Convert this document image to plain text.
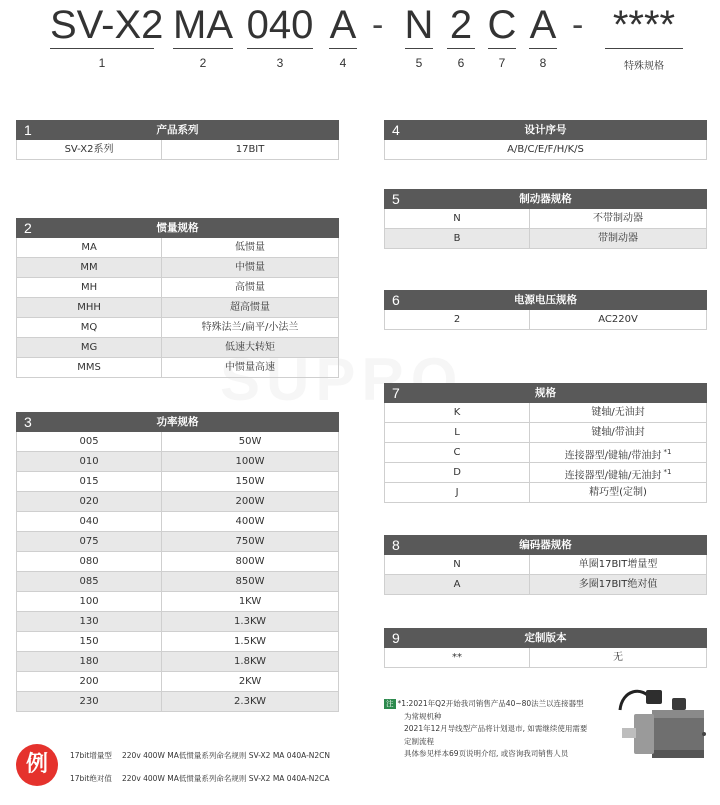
SV-X2
1
MA
2
040
3
A
4
- N
5
2
6
C
7
A
8
- ****
特殊规格
1	产品系列
SV-X2系列	17BIT
2	惯量规格
MA	低惯量
MM	中惯量
MH	高惯量
MHH	超高惯量
MQ	特殊法兰/扁平/小法兰
MG	低速大转矩
MMS	中惯量高速
3	功率规格
005	50W
010	100W
015	150W
020	200W
040	400W
075	750W
080	800W
085	850W
100	1KW
130	1.3KW
150	1.5KW
180	1.8KW
200	2KW
230	2.3KW
4	设计序号
A/B/C/E/F/H/K/S
5	制动器规格
N	不带制动器
B	带制动器
6	电源电压规格
2	AC220V
7	规格
K	键轴/无油封
L	键轴/带油封
C	连接器型/键轴/带油封 $^{*1}$
D	连接器型/键轴/无油封 $^{*1}$
J	精巧型(定制)
8	编码器规格
N	单圈17BIT增量型
A	多圈17BIT绝对值
9	定制版本
**	无
注 *1:2021年Q2开始我司销售产品40~80法兰以连接器型
为常规机种
2021年12月导线型产品将计划退市, 如需继续使用需要
定制流程
具体参见样本69页说明介绍, 或咨询我司销售人员
例	17bit增量型 220v 400W MA低惯量系列命名规则 SV-X2 MA 040A-N2CN
17bit绝对值 220v 400W MA低惯量系列命名规则 SV-X2 MA 040A-N2CA
